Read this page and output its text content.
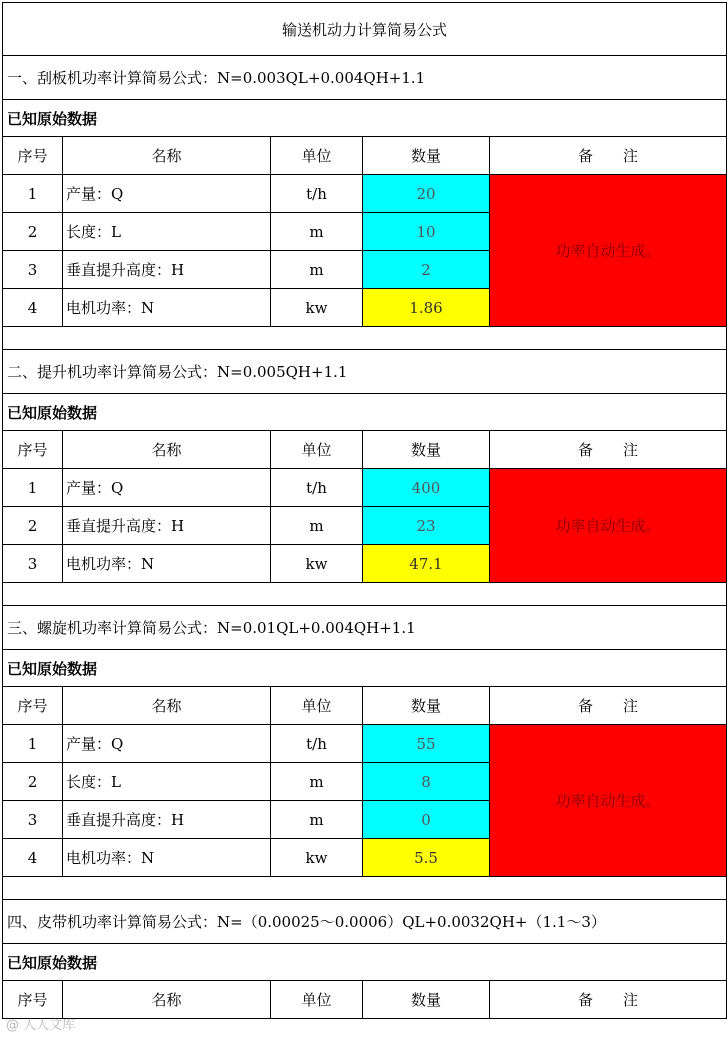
输送机动力计算简易公式				
一、刮板机功率计算简易公式：N=0.003QL+0.004QH+1.1				
已知原始数据				
序号	名称	单位	数量	备　　注
1	产量：Q	t/h	20	功率自动生成。
2	长度：L	m	10	
3	垂直提升高度：H	m	2	
4	电机功率：N	kw	1.86	

二、提升机功率计算简易公式：N=0.005QH+1.1				
已知原始数据				
序号	名称	单位	数量	备　　注
1	产量：Q	t/h	400	功率自动生成。
2	垂直提升高度：H	m	23	
3	电机功率：N	kw	47.1	

三、螺旋机功率计算简易公式：N=0.01QL+0.004QH+1.1				
已知原始数据				
序号	名称	单位	数量	备　　注
1	产量：Q	t/h	55	功率自动生成。
2	长度：L	m	8	
3	垂直提升高度：H	m	0	
4	电机功率：N	kw	5.5	

四、皮带机功率计算简易公式：N=（0.00025～0.0006）QL+0.0032QH+（1.1～3）				
已知原始数据				
序号	名称	单位	数量	备　　注
@ 人人文库
